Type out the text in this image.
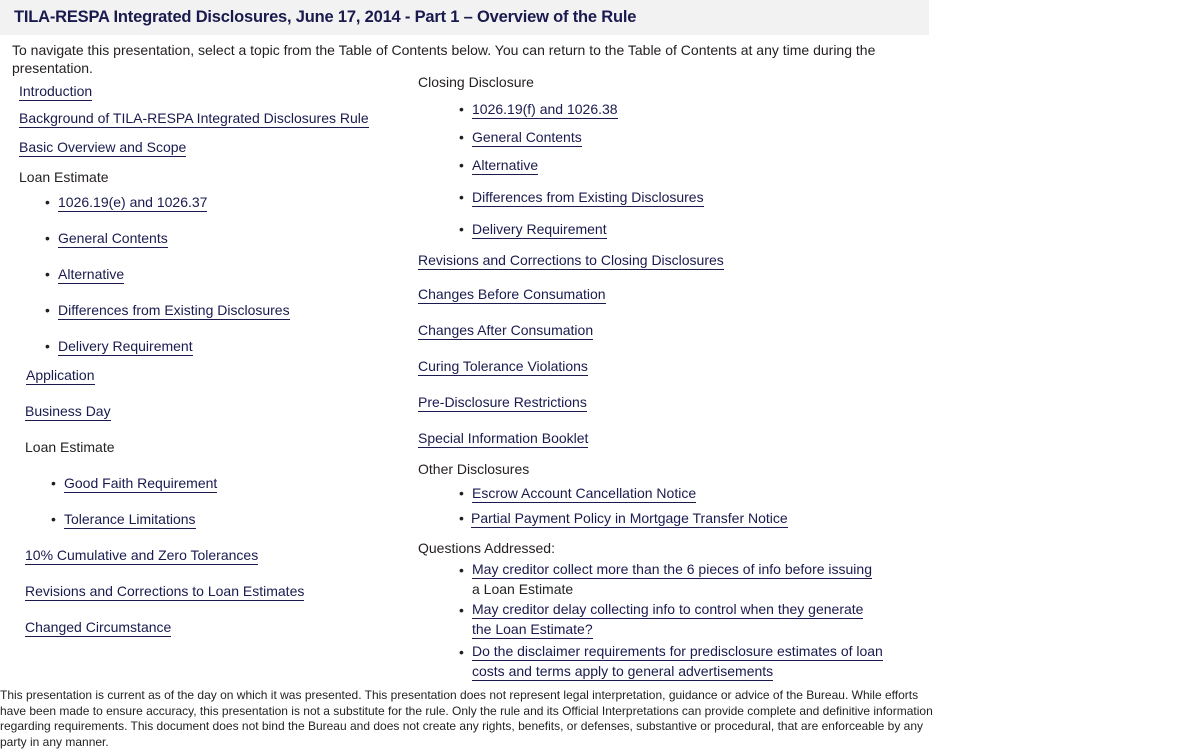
TILA-RESPA Integrated Disclosures, June 17, 2014 - Part 1 – Overview of the Rule
To navigate this presentation, select a topic from the Table of Contents below. You can return to the Table of Contents at any time during the presentation.
Introduction
Background of TILA-RESPA Integrated Disclosures Rule
Basic Overview and Scope
Loan Estimate
• 1026.19(e) and 1026.37
• General Contents
• Alternative
• Differences from Existing Disclosures
• Delivery Requirement
Application
Business Day
Loan Estimate
• Good Faith Requirement
• Tolerance Limitations
10% Cumulative and Zero Tolerances
Revisions and Corrections to Loan Estimates
Changed Circumstance
Closing Disclosure
• 1026.19(f) and 1026.38
• General Contents
• Alternative
• Differences from Existing Disclosures
• Delivery Requirement
Revisions and Corrections to Closing Disclosures
Changes Before Consumation
Changes After Consumation
Curing Tolerance Violations
Pre-Disclosure Restrictions
Special Information Booklet
Other Disclosures
• Escrow Account Cancellation Notice
• Partial Payment Policy in Mortgage Transfer Notice
Questions Addressed:
• May creditor collect more than the 6 pieces of info before issuing
a Loan Estimate
• May creditor delay collecting info to control when they generate
the Loan Estimate?
• Do the disclaimer requirements for predisclosure estimates of loan
costs and terms apply to general advertisements
This presentation is current as of the day on which it was presented. This presentation does not represent legal interpretation, guidance or advice of the Bureau. While efforts have been made to ensure accuracy, this presentation is not a substitute for the rule. Only the rule and its Official Interpretations can provide complete and definitive information regarding requirements. This document does not bind the Bureau and does not create any rights, benefits, or defenses, substantive or procedural, that are enforceable by any party in any manner.
